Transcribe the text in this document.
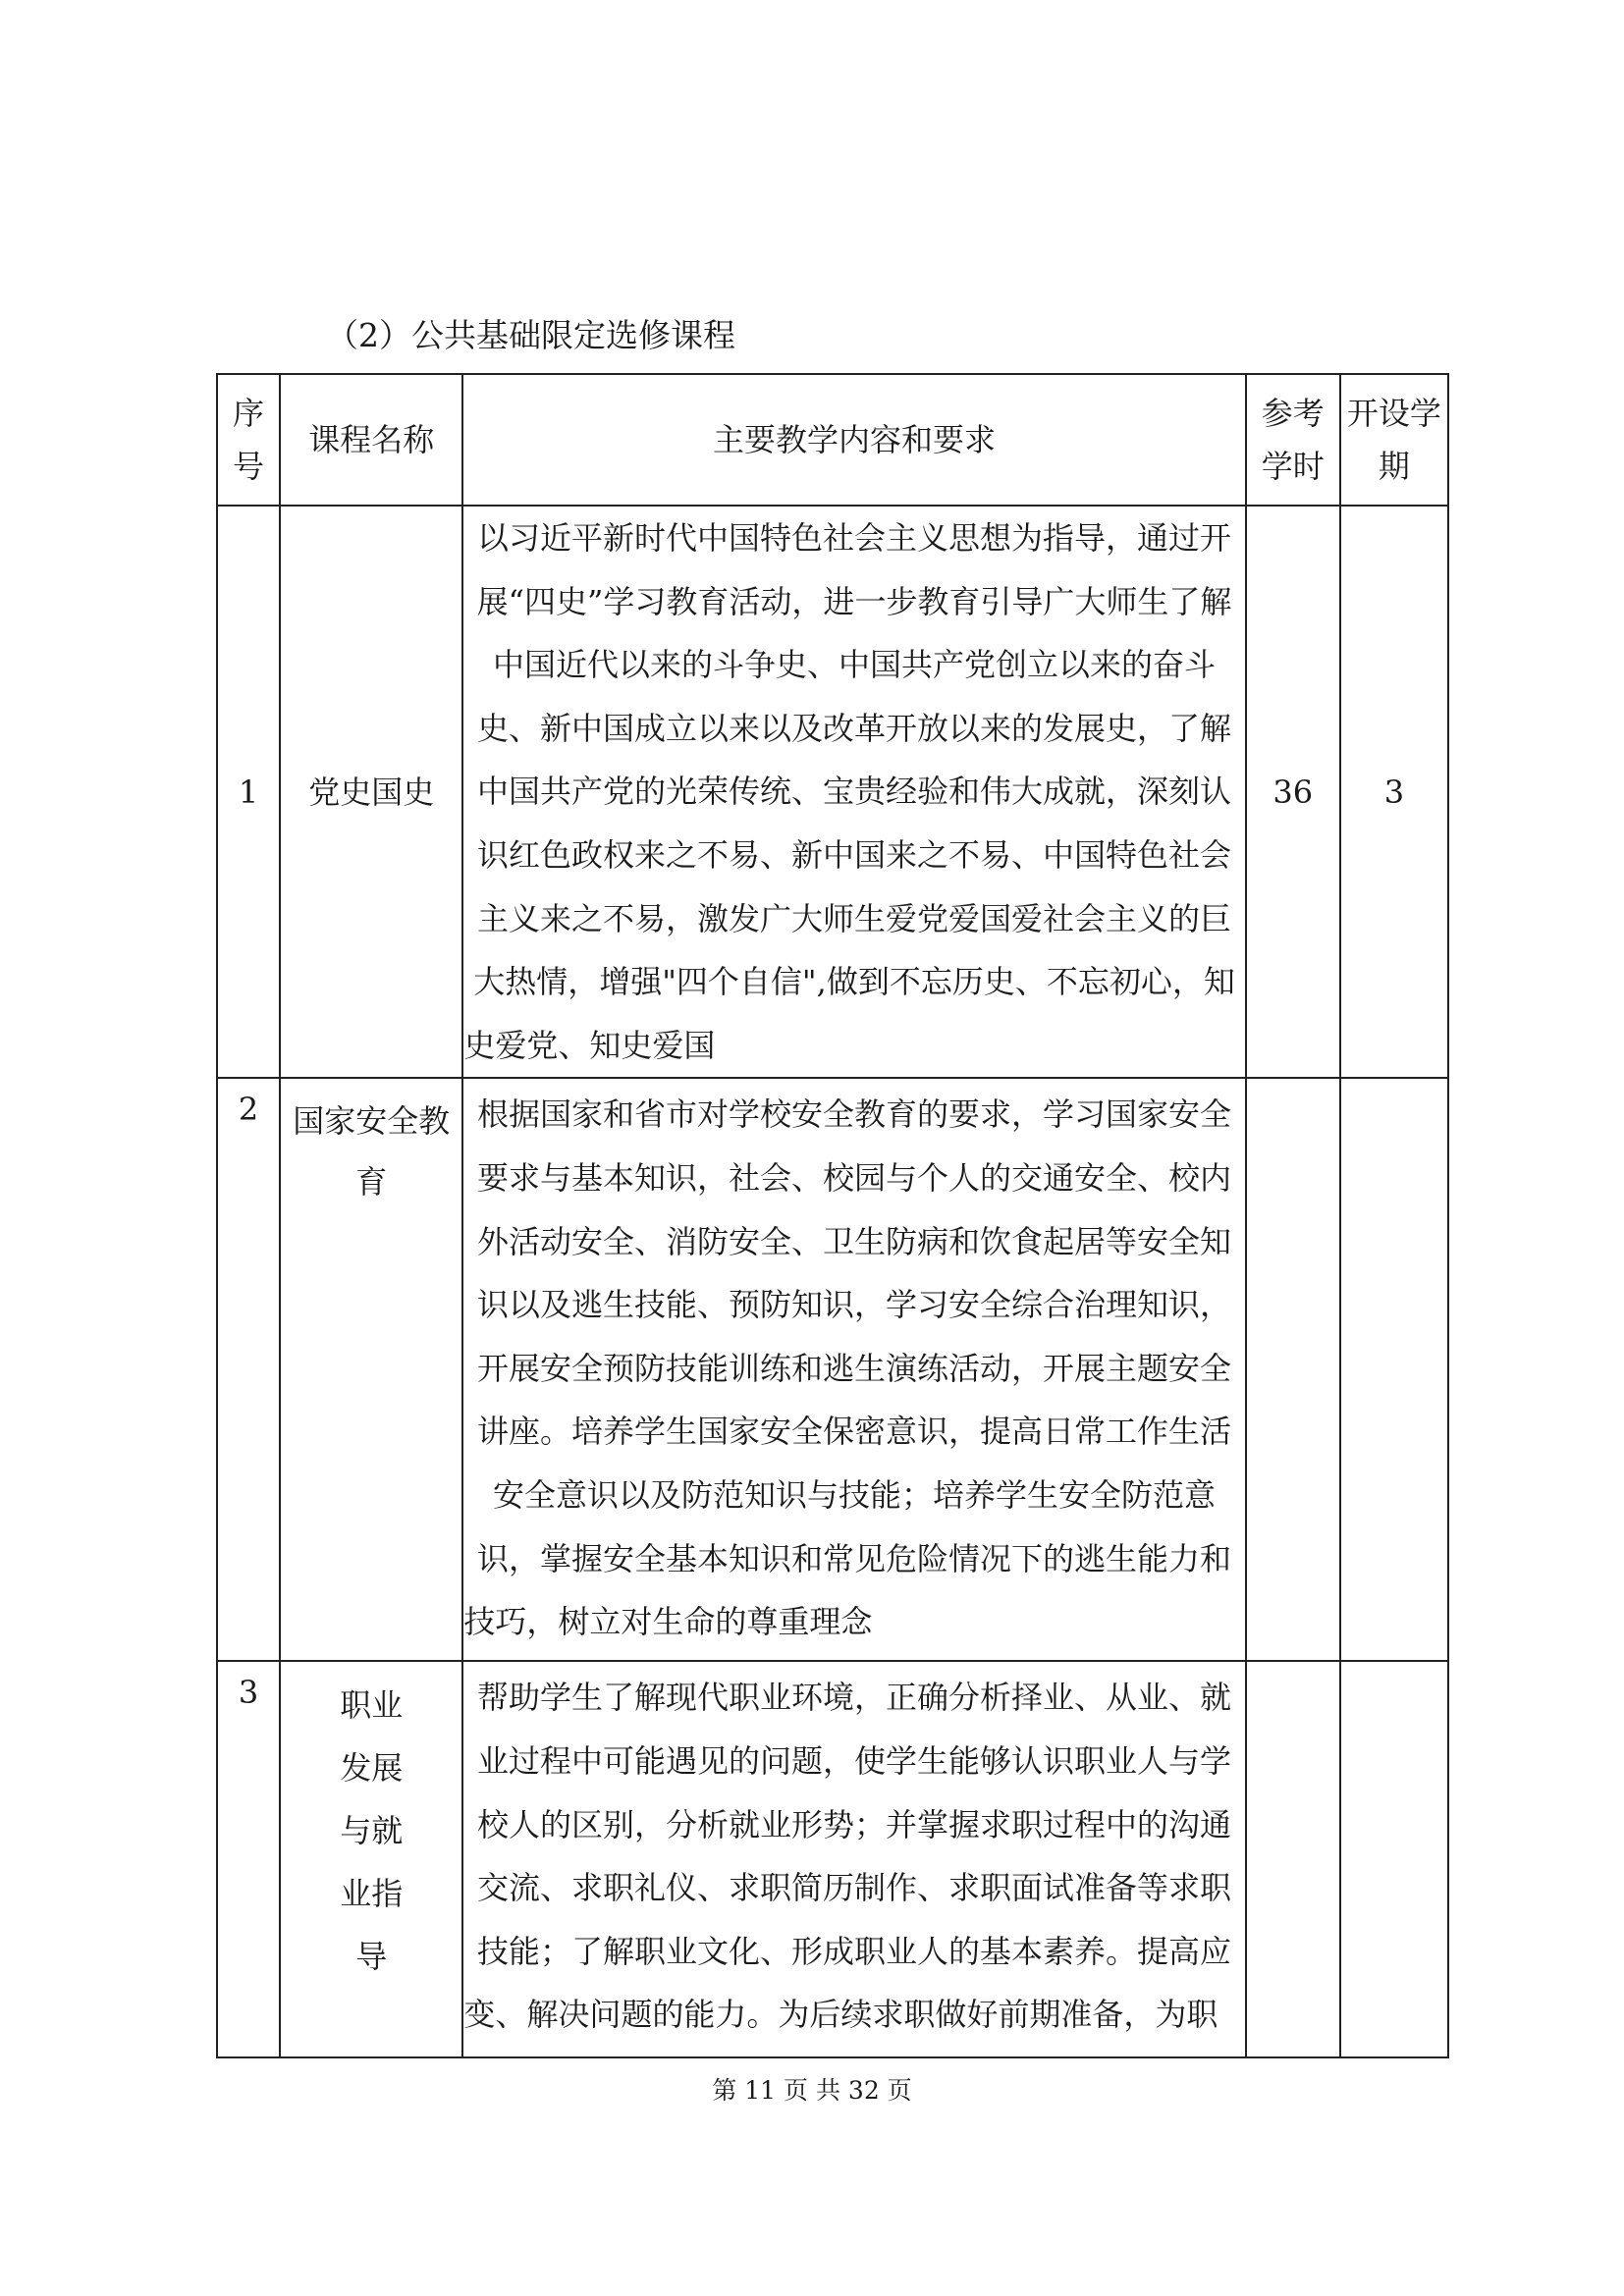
（2）公共基础限定选修课程
序号	课程名称	主要教学内容和要求	参考学时	开设学期

1	党史国史	以习近平新时代中国特色社会主义思想为指导，通过开展“四史”学习教育活动，进一步教育引导广大师生了解中国近代以来的斗争史、中国共产党创立以来的奋斗史、新中国成立以来以及改革开放以来的发展史，了解中国共产党的光荣传统、宝贵经验和伟大成就，深刻认识红色政权来之不易、新中国来之不易、中国特色社会主义来之不易，激发广大师生爱党爱国爱社会主义的巨大热情，增强"四个自信",做到不忘历史、不忘初心，知史爱党、知史爱国	36	3
2	国家安全教育	根据国家和省市对学校安全教育的要求，学习国家安全要求与基本知识，社会、校园与个人的交通安全、校内外活动安全、消防安全、卫生防病和饮食起居等安全知识以及逃生技能、预防知识，学习安全综合治理知识，开展安全预防技能训练和逃生演练活动，开展主题安全讲座。培养学生国家安全保密意识，提高日常工作生活安全意识以及防范知识与技能；培养学生安全防范意识，掌握安全基本知识和常见危险情况下的逃生能力和技巧，树立对生命的尊重理念		
3	职业发展与就业指导	帮助学生了解现代职业环境，正确分析择业、从业、就业过程中可能遇见的问题，使学生能够认识职业人与学校人的区别，分析就业形势；并掌握求职过程中的沟通交流、求职礼仪、求职简历制作、求职面试准备等求职技能；了解职业文化、形成职业人的基本素养。提高应变、解决问题的能力。为后续求职做好前期准备，为职		
第 11 页 共 32 页
